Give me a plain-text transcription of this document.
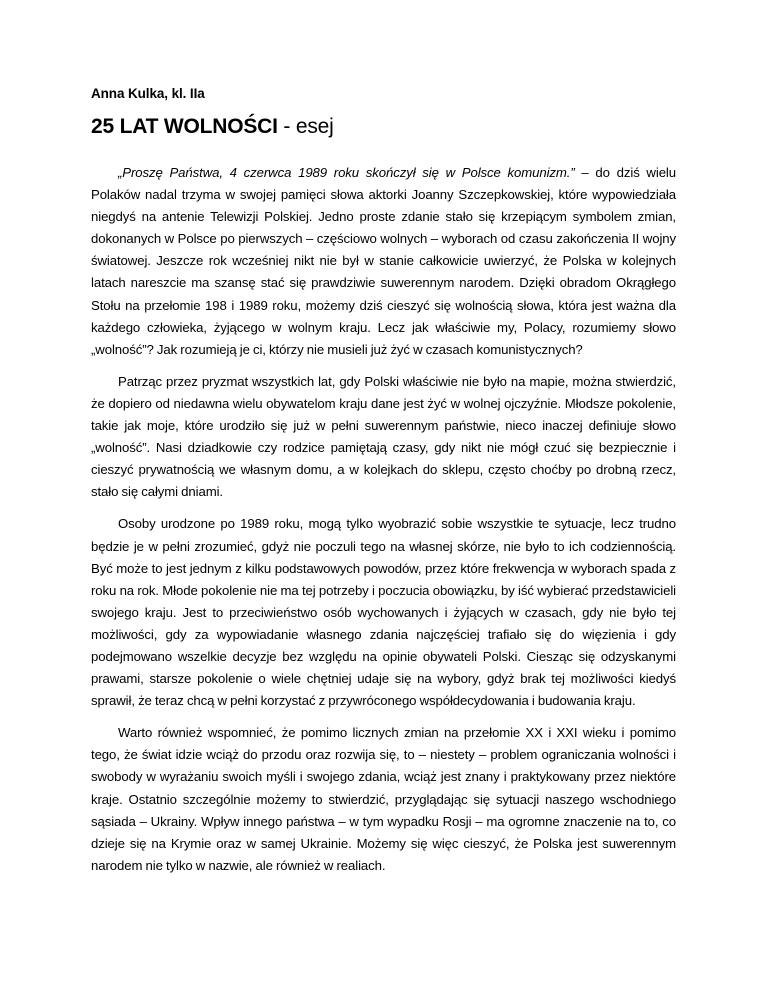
Anna Kulka, kl. IIa
25 LAT WOLNOŚCI - esej

„Proszę Państwa, 4 czerwca 1989 roku skończył się w Polsce komunizm.” – do dziś wielu Polaków nadal trzyma w swojej pamięci słowa aktorki Joanny Szczepkowskiej, które wypowiedziała niegdyś na antenie Telewizji Polskiej. Jedno proste zdanie stało się krzepiącym symbolem zmian, dokonanych w Polsce po pierwszych – częściowo wolnych – wyborach od czasu zakończenia II wojny światowej. Jeszcze rok wcześniej nikt nie był w stanie całkowicie uwierzyć, że Polska w kolejnych latach nareszcie ma szansę stać się prawdziwie suwerennym narodem. Dzięki obradom Okrągłego Stołu na przełomie 198 i 1989 roku, możemy dziś cieszyć się wolnością słowa, która jest ważna dla każdego człowieka, żyjącego w wolnym kraju. Lecz jak właściwie my, Polacy, rozumiemy słowo „wolność”? Jak rozumieją je ci, którzy nie musieli już żyć w czasach komunistycznych?

Patrząc przez pryzmat wszystkich lat, gdy Polski właściwie nie było na mapie, można stwierdzić, że dopiero od niedawna wielu obywatelom kraju dane jest żyć w wolnej ojczyźnie. Młodsze pokolenie, takie jak moje, które urodziło się już w pełni suwerennym państwie, nieco inaczej definiuje słowo „wolność”. Nasi dziadkowie czy rodzice pamiętają czasy, gdy nikt nie mógł czuć się bezpiecznie i cieszyć prywatnością we własnym domu, a w kolejkach do sklepu, często choćby po drobną rzecz, stało się całymi dniami.

Osoby urodzone po 1989 roku, mogą tylko wyobrazić sobie wszystkie te sytuacje, lecz trudno będzie je w pełni zrozumieć, gdyż nie poczuli tego na własnej skórze, nie było to ich codziennością. Być może to jest jednym z kilku podstawowych powodów, przez które frekwencja w wyborach spada z roku na rok. Młode pokolenie nie ma tej potrzeby i poczucia obowiązku, by iść wybierać przedstawicieli swojego kraju. Jest to przeciwieństwo osób wychowanych i żyjących w czasach, gdy nie było tej możliwości, gdy za wypowiadanie własnego zdania najczęściej trafiało się do więzienia i gdy podejmowano wszelkie decyzje bez względu na opinie obywateli Polski. Ciesząc się odzyskanymi prawami, starsze pokolenie o wiele chętniej udaje się na wybory, gdyż brak tej możliwości kiedyś sprawił, że teraz chcą w pełni korzystać z przywróconego współdecydowania i budowania kraju.

Warto również wspomnieć, że pomimo licznych zmian na przełomie XX i XXI wieku i pomimo tego, że świat idzie wciąż do przodu oraz rozwija się, to – niestety – problem ograniczania wolności i swobody w wyrażaniu swoich myśli i swojego zdania, wciąż jest znany i praktykowany przez niektóre kraje. Ostatnio szczególnie możemy to stwierdzić, przyglądając się sytuacji naszego wschodniego sąsiada – Ukrainy. Wpływ innego państwa – w tym wypadku Rosji – ma ogromne znaczenie na to, co dzieje się na Krymie oraz w samej Ukrainie. Możemy się więc cieszyć, że Polska jest suwerennym narodem nie tylko w nazwie, ale również w realiach.
